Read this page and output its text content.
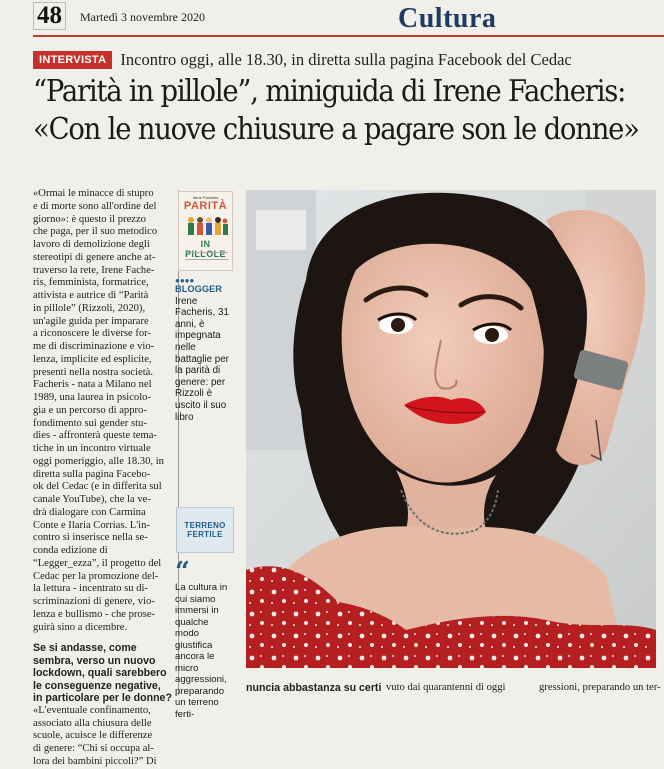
48	Martedì 3 novembre 2020	Cultura
INTERVISTA Incontro oggi, alle 18.30, in diretta sulla pagina Facebook del Cedac
“Parità in pillole”, miniguida di Irene Facheris:
«Con le nuove chiusure a pagare son le donne»
«Ormai le minacce di stupro
e di morte sono all'ordine del
giorno»: è questo il prezzo
che paga, per il suo metodico
lavoro di demolizione degli
stereotipi di genere anche at-
traverso la rete, Irene Fache-
ris, femminista, formatrice,
attivista e autrice di “Parità
in pillole” (Rizzoli, 2020),
un'agile guida per imparare
a riconoscere le diverse for-
me di discriminazione e vio-
lenza, implicite ed esplicite,
presenti nella nostra società.
Facheris - nata a Milano nel
1989, una laurea in psicolo-
gia e un percorso di appro-
fondimento sui gender stu-
dies - affronterà queste tema-
tiche in un incontro virtuale
oggi pomeriggio, alle 18.30, in
diretta sulla pagina Facebo-
ok del Cedac (e in differita sul
canale YouTube), che la ve-
drà dialogare con Carmina
Conte e Ilaria Corrias. L'in-
contro si inserisce nella se-
conda edizione di
“Legger_ezza”, il progetto del
Cedac per la promozione del-
la lettura - incentrato su di-
scriminazioni di genere, vio-
lenza e bullismo - che prose-
guirà sino a dicembre.

Se si andasse, come sembra, verso un nuovo lockdown, quali sarebbero le conseguenze negative, in particolare per le donne?

«L'eventuale confinamento,
associato alla chiusura delle
scuole, acuisce le differenze
di genere: “Chi si occupa al-
lora dei bambini piccoli?” Di
Irene Facheris
PARITÀ
IN PILLOLE
●●●●
BLOGGER
Irene Facheris, 31 anni, è impegnata nelle battaglie per la parità di genere: per Rizzoli è uscito il suo libro
TERRENO
FERTILE
“
La cultura in cui siamo immersi in qualche modo giustifica ancora le micro aggressioni, preparando un terreno ferti-
nuncia abbastanza su certi vuto dai quarantenni di oggi	gressioni, preparando un ter-
